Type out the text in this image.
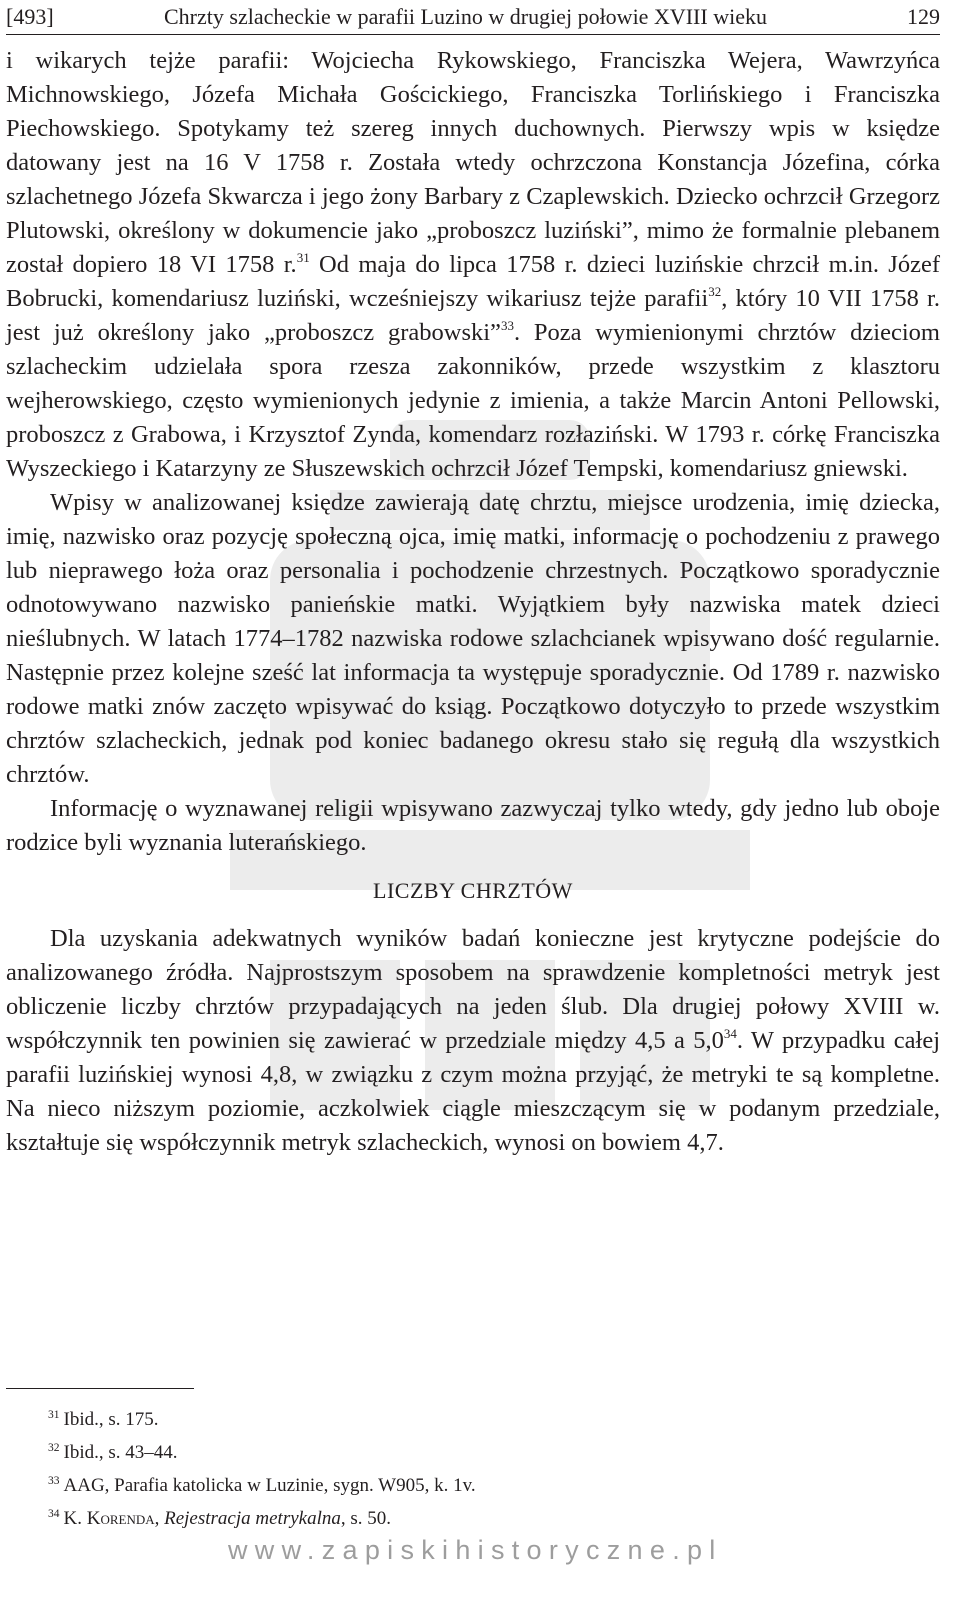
[493]	Chrzty szlacheckie w parafii Luzino w drugiej połowie XVIII wieku	129

i wikarych tejże parafii: Wojciecha Rykowskiego, Franciszka Wejera, Wawrzyńca Michnowskiego, Józefa Michała Gościckiego, Franciszka Torlińskiego i Franciszka Piechowskiego. Spotykamy też szereg innych duchownych. Pierwszy wpis w księdze datowany jest na 16 V 1758 r. Została wtedy ochrzczona Konstancja Józefina, córka szlachetnego Józefa Skwarcza i jego żony Barbary z Czaplewskich. Dziecko ochrzcił Grzegorz Plutowski, określony w dokumencie jako „proboszcz luziński”, mimo że formalnie plebanem został dopiero 18 VI 1758 r.$^{31}$ Od maja do lipca 1758 r. dzieci luzińskie chrzcił m.in. Józef Bobrucki, komendariusz luziński, wcześniejszy wikariusz tejże parafii$^{32}$, który 10 VII 1758 r. jest już określony jako „proboszcz grabowski”$^{33}$. Poza wymienionymi chrztów dzieciom szlacheckim udzielała spora rzesza zakonników, przede wszystkim z klasztoru wejherowskiego, często wymienionych jedynie z imienia, a także Marcin Antoni Pellowski, proboszcz z Grabowa, i Krzysztof Zynda, komendarz rozłaziński. W 1793 r. córkę Franciszka Wyszeckiego i Katarzyny ze Słuszewskich ochrzcił Józef Tempski, komendariusz gniewski.

Wpisy w analizowanej księdze zawierają datę chrztu, miejsce urodzenia, imię dziecka, imię, nazwisko oraz pozycję społeczną ojca, imię matki, informację o pochodzeniu z prawego lub nieprawego łoża oraz personalia i pochodzenie chrzestnych. Początkowo sporadycznie odnotowywano nazwisko panieńskie matki. Wyjątkiem były nazwiska matek dzieci nieślubnych. W latach 1774–1782 nazwiska rodowe szlachcianek wpisywano dość regularnie. Następnie przez kolejne sześć lat informacja ta występuje sporadycznie. Od 1789 r. nazwisko rodowe matki znów zaczęto wpisywać do ksiąg. Początkowo dotyczyło to przede wszystkim chrztów szlacheckich, jednak pod koniec badanego okresu stało się regułą dla wszystkich chrztów.

Informację o wyznawanej religii wpisywano zazwyczaj tylko wtedy, gdy jedno lub oboje rodzice byli wyznania luterańskiego.

LICZBY CHRZTÓW

Dla uzyskania adekwatnych wyników badań konieczne jest krytyczne podejście do analizowanego źródła. Najprostszym sposobem na sprawdzenie kompletności metryk jest obliczenie liczby chrztów przypadających na jeden ślub. Dla drugiej połowy XVIII w. współczynnik ten powinien się zawierać w przedziale między 4,5 a $5,0^{34}$. W przypadku całej parafii luzińskiej wynosi 4,8, w związku z czym można przyjąć, że metryki te są kompletne. Na nieco niższym poziomie, aczkolwiek ciągle mieszczącym się w podanym przedziale, kształtuje się współczynnik metryk szlacheckich, wynosi on bowiem 4,7.

$^{31}$ Ibid., s. 175.
$^{32}$ Ibid., s. 43–44.
$^{33}$ AAG, Parafia katolicka w Luzinie, sygn. W905, k. 1v.
$^{34}$ K. Korenda, Rejestracja metrykalna, s. 50.
www.zapiskihistoryczne.pl
